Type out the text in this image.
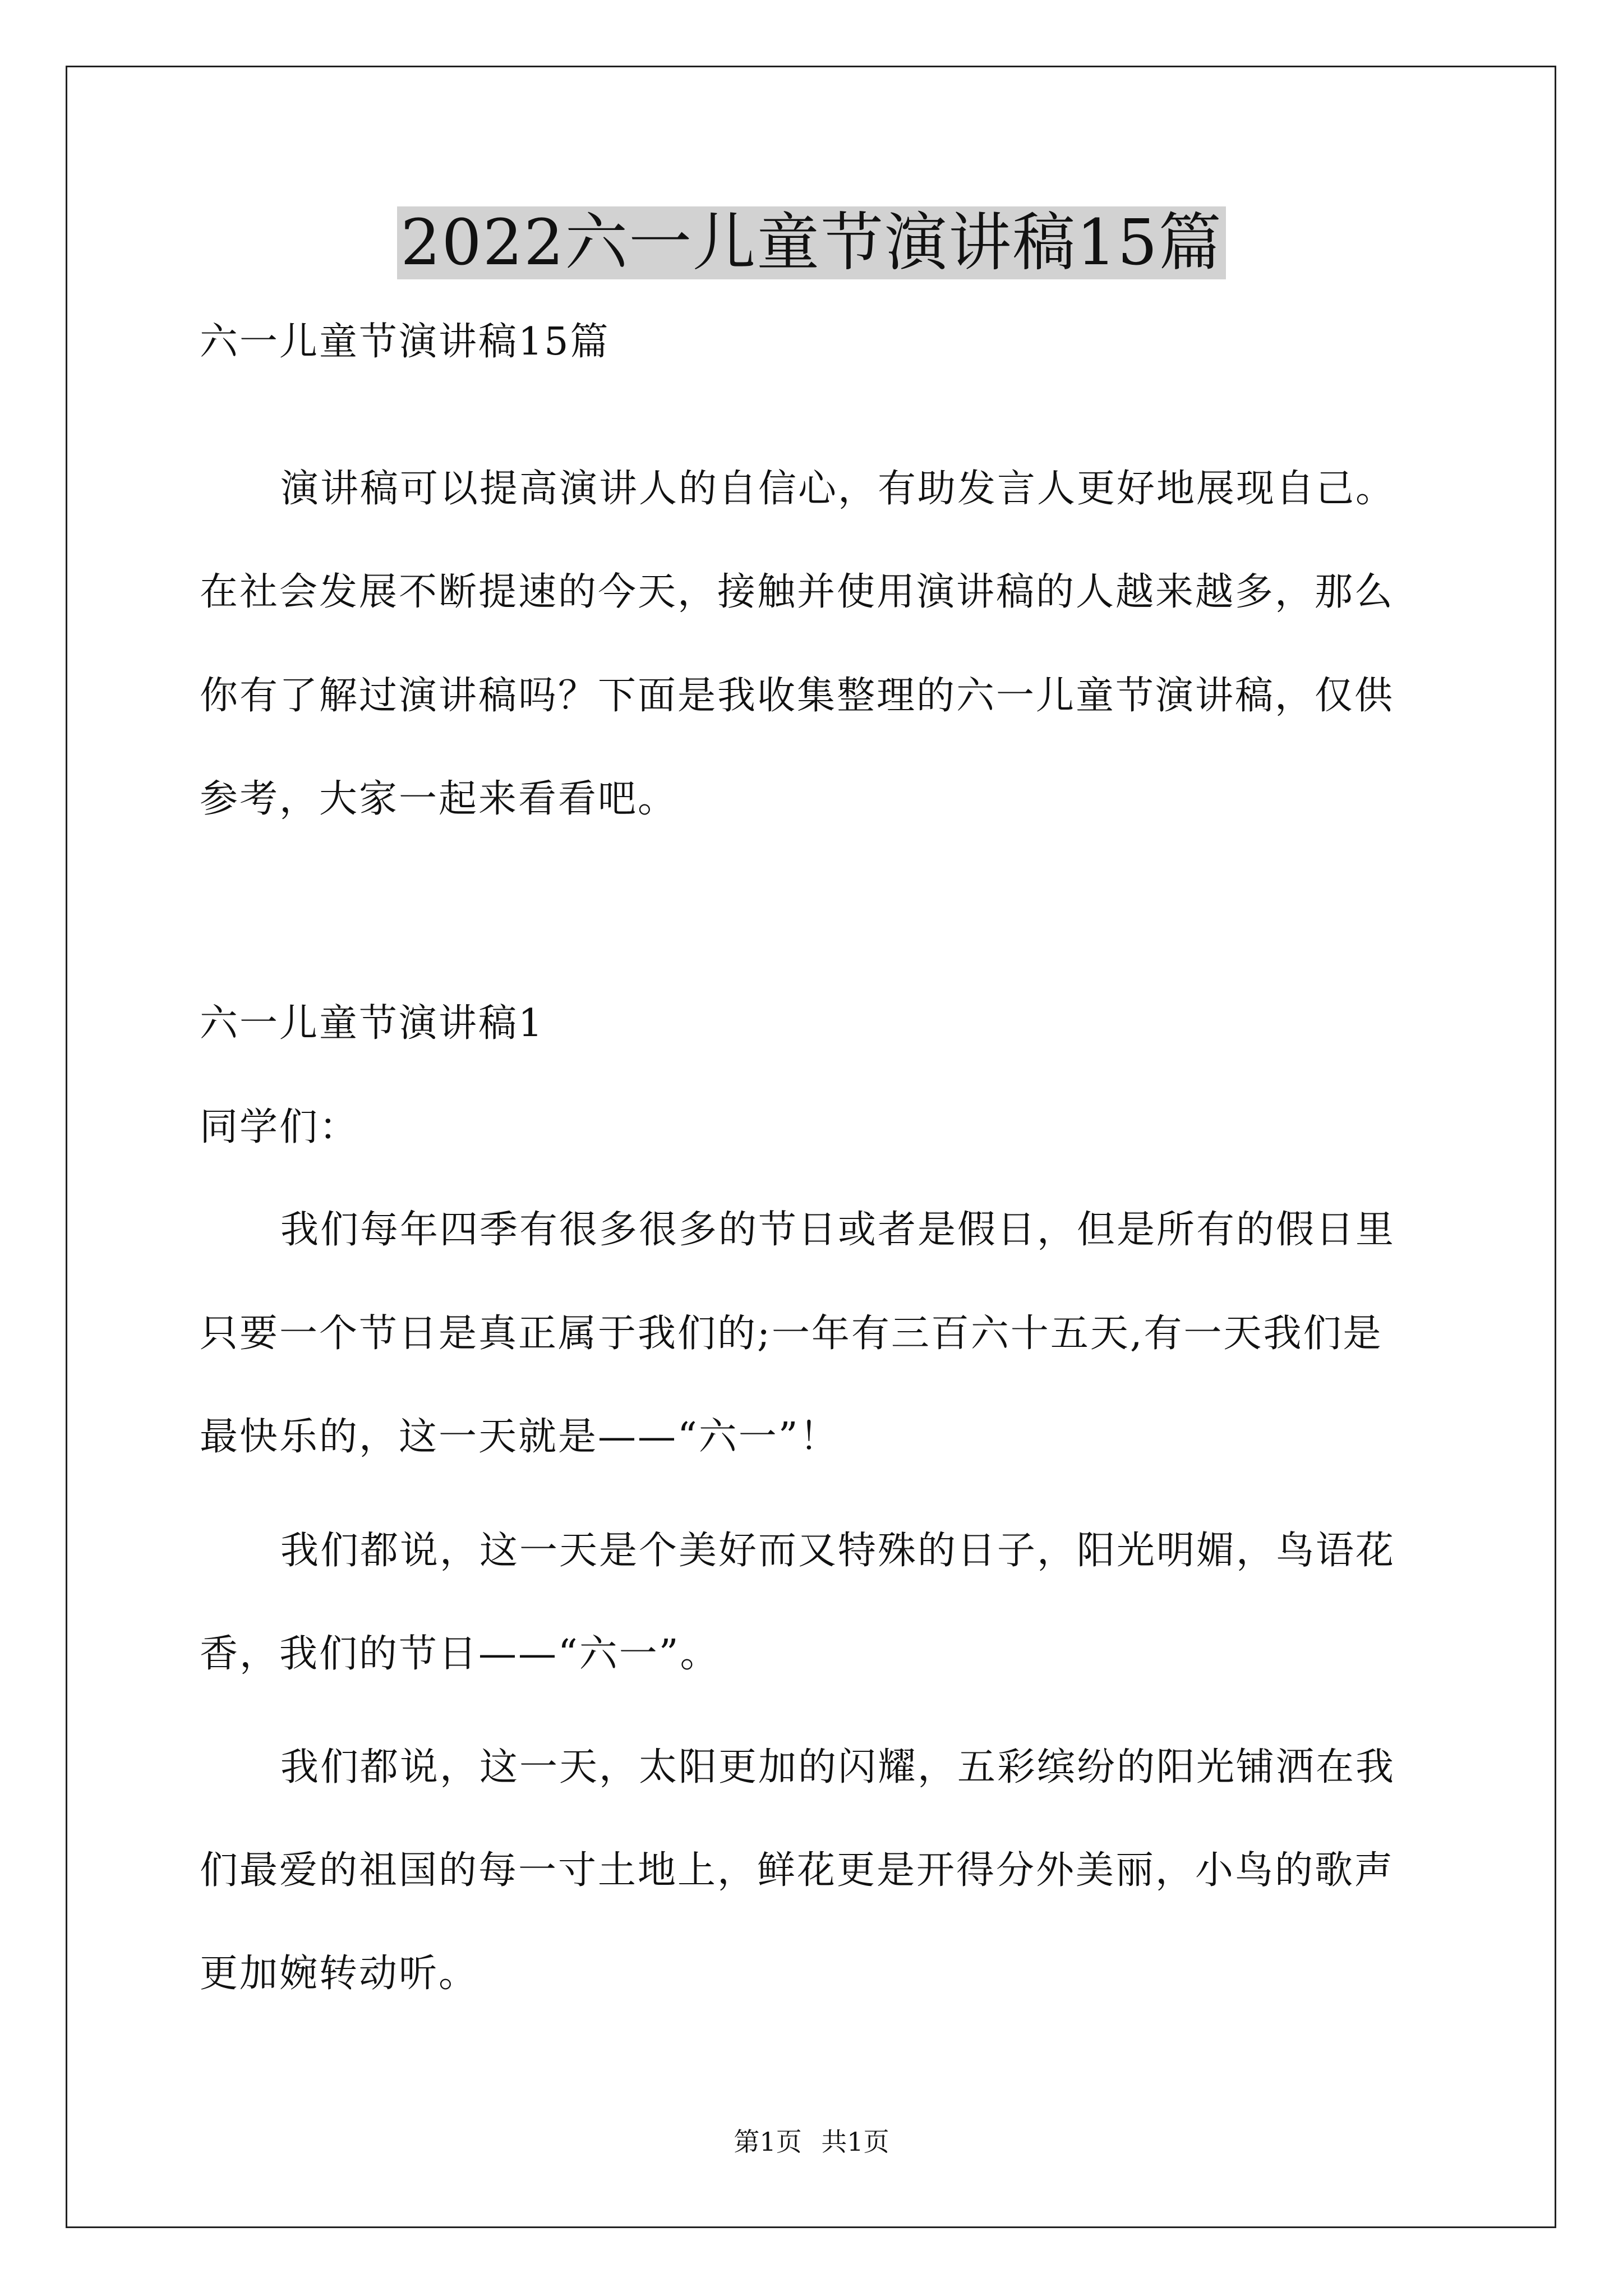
2022六一儿童节演讲稿15篇
六一儿童节演讲稿15篇
演讲稿可以提高演讲人的自信心，有助发言人更好地展现自己。
在社会发展不断提速的今天，接触并使用演讲稿的人越来越多，那么
你有了解过演讲稿吗？下面是我收集整理的六一儿童节演讲稿，仅供
参考，大家一起来看看吧。
六一儿童节演讲稿1
同学们：
我们每年四季有很多很多的节日或者是假日，但是所有的假日里
只要一个节日是真正属于我们的;一年有三百六十五天,有一天我们是
最快乐的，这一天就是——“六一”！
我们都说，这一天是个美好而又特殊的日子，阳光明媚，鸟语花
香，我们的节日——“六一”。
我们都说，这一天，太阳更加的闪耀，五彩缤纷的阳光铺洒在我
们最爱的祖国的每一寸土地上，鲜花更是开得分外美丽，小鸟的歌声
更加婉转动听。
第1页 共1页
